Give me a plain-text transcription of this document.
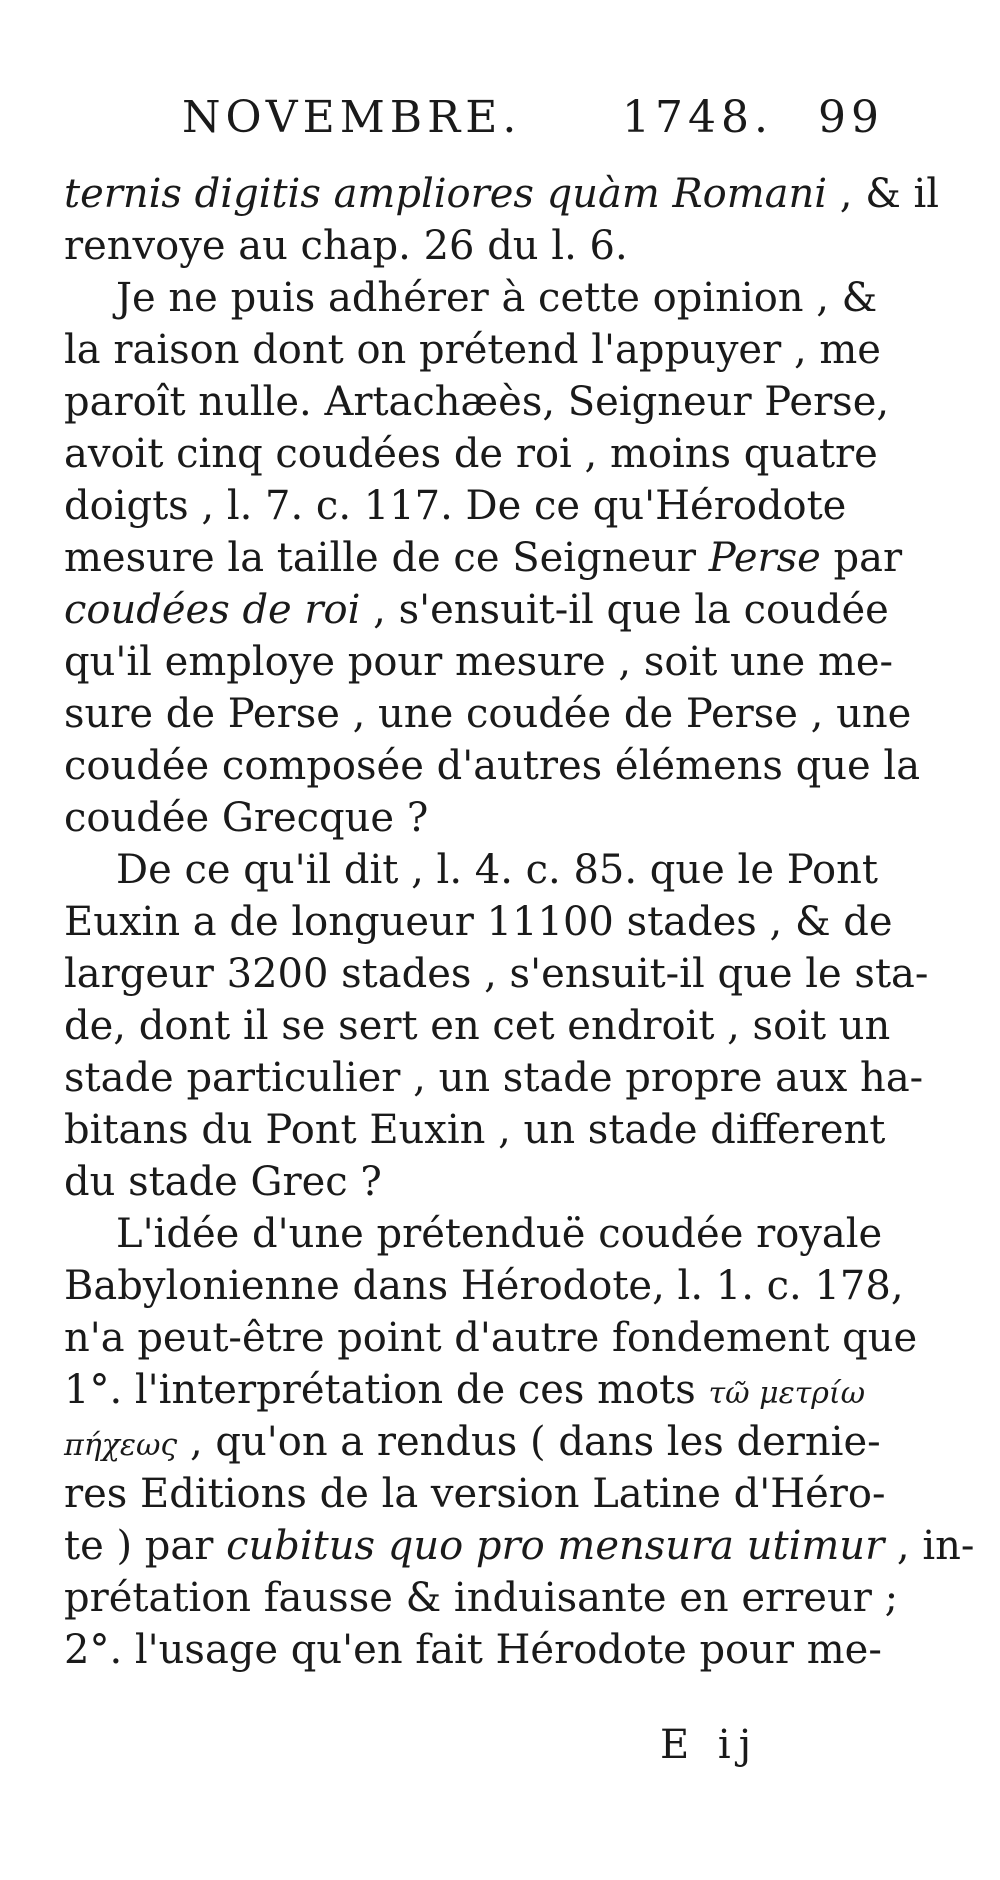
NOVEMBRE. 1748. 99
ternis digitis ampliores quàm Romani , & il
renvoye au chap. 26 du l. 6.
Je ne puis adhérer à cette opinion , &
la raison dont on prétend l'appuyer , me
paroît nulle. Artachæès, Seigneur Perse,
avoit cinq coudées de roi , moins quatre
doigts , l. 7. c. 117. De ce qu'Hérodote
mesure la taille de ce Seigneur Perse par
coudées de roi , s'ensuit-il que la coudée
qu'il employe pour mesure , soit une me-
sure de Perse , une coudée de Perse , une
coudée composée d'autres élémens que la
coudée Grecque ?
De ce qu'il dit , l. 4. c. 85. que le Pont
Euxin a de longueur 11100 stades , & de
largeur 3200 stades , s'ensuit-il que le sta-
de, dont il se sert en cet endroit , soit un
stade particulier , un stade propre aux ha-
bitans du Pont Euxin , un stade different
du stade Grec ?
L'idée d'une prétenduë coudée royale
Babylonienne dans Hérodote, l. 1. c. 178,
n'a peut-être point d'autre fondement que
1°. l'interprétation de ces mots τῶ μετρίω
πήχεως , qu'on a rendus ( dans les dernie-
res Editions de la version Latine d'Héro-
te ) par cubitus quo pro mensura utimur , in-
prétation fausse & induisante en erreur ;
2°. l'usage qu'en fait Hérodote pour me-
E ij
